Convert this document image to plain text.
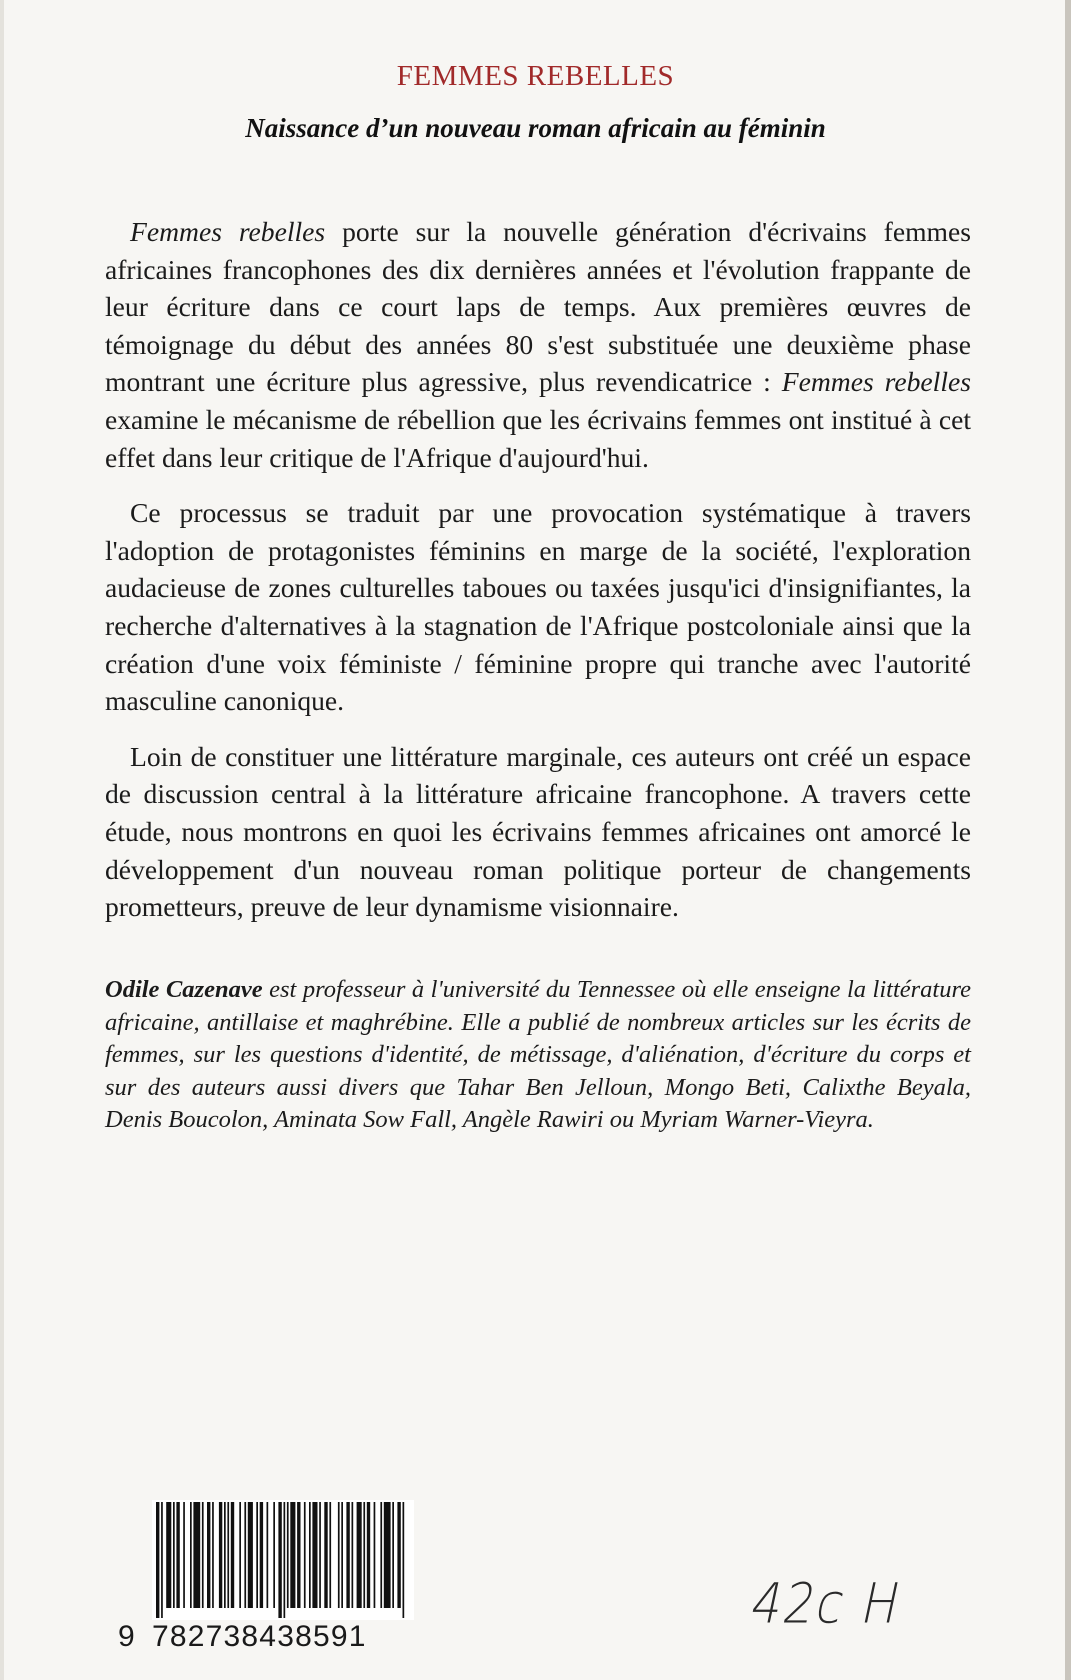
FEMMES REBELLES
Naissance d’un nouveau roman africain au féminin

Femmes rebelles porte sur la nouvelle génération d'écrivains femmes africaines francophones des dix dernières années et l'évolution frappante de leur écriture dans ce court laps de temps. Aux premières œuvres de témoignage du début des années 80 s'est substituée une deuxième phase montrant une écriture plus agressive, plus revendicatrice : Femmes rebelles examine le mécanisme de rébellion que les écrivains femmes ont institué à cet effet dans leur critique de l'Afrique d'aujourd'hui.

Ce processus se traduit par une provocation systématique à travers l'adoption de protagonistes féminins en marge de la société, l'exploration audacieuse de zones culturelles taboues ou taxées jusqu'ici d'insignifiantes, la recherche d'alternatives à la stagnation de l'Afrique postcoloniale ainsi que la création d'une voix féministe / féminine propre qui tranche avec l'autorité masculine canonique.

Loin de constituer une littérature marginale, ces auteurs ont créé un espace de discussion central à la littérature africaine francophone. A travers cette étude, nous montrons en quoi les écrivains femmes africaines ont amorcé le développement d'un nouveau roman politique porteur de changements prometteurs, preuve de leur dynamisme visionnaire.

Odile Cazenave est professeur à l'université du Tennessee où elle enseigne la littérature africaine, antillaise et maghrébine. Elle a publié de nombreux articles sur les écrits de femmes, sur les questions d'identité, de métissage, d'aliénation, d'écriture du corps et sur des auteurs aussi divers que Tahar Ben Jelloun, Mongo Beti, Calixthe Beyala, Denis Boucolon, Aminata Sow Fall, Angèle Rawiri ou Myriam Warner-Vieyra.
9 782738438591
42c H
